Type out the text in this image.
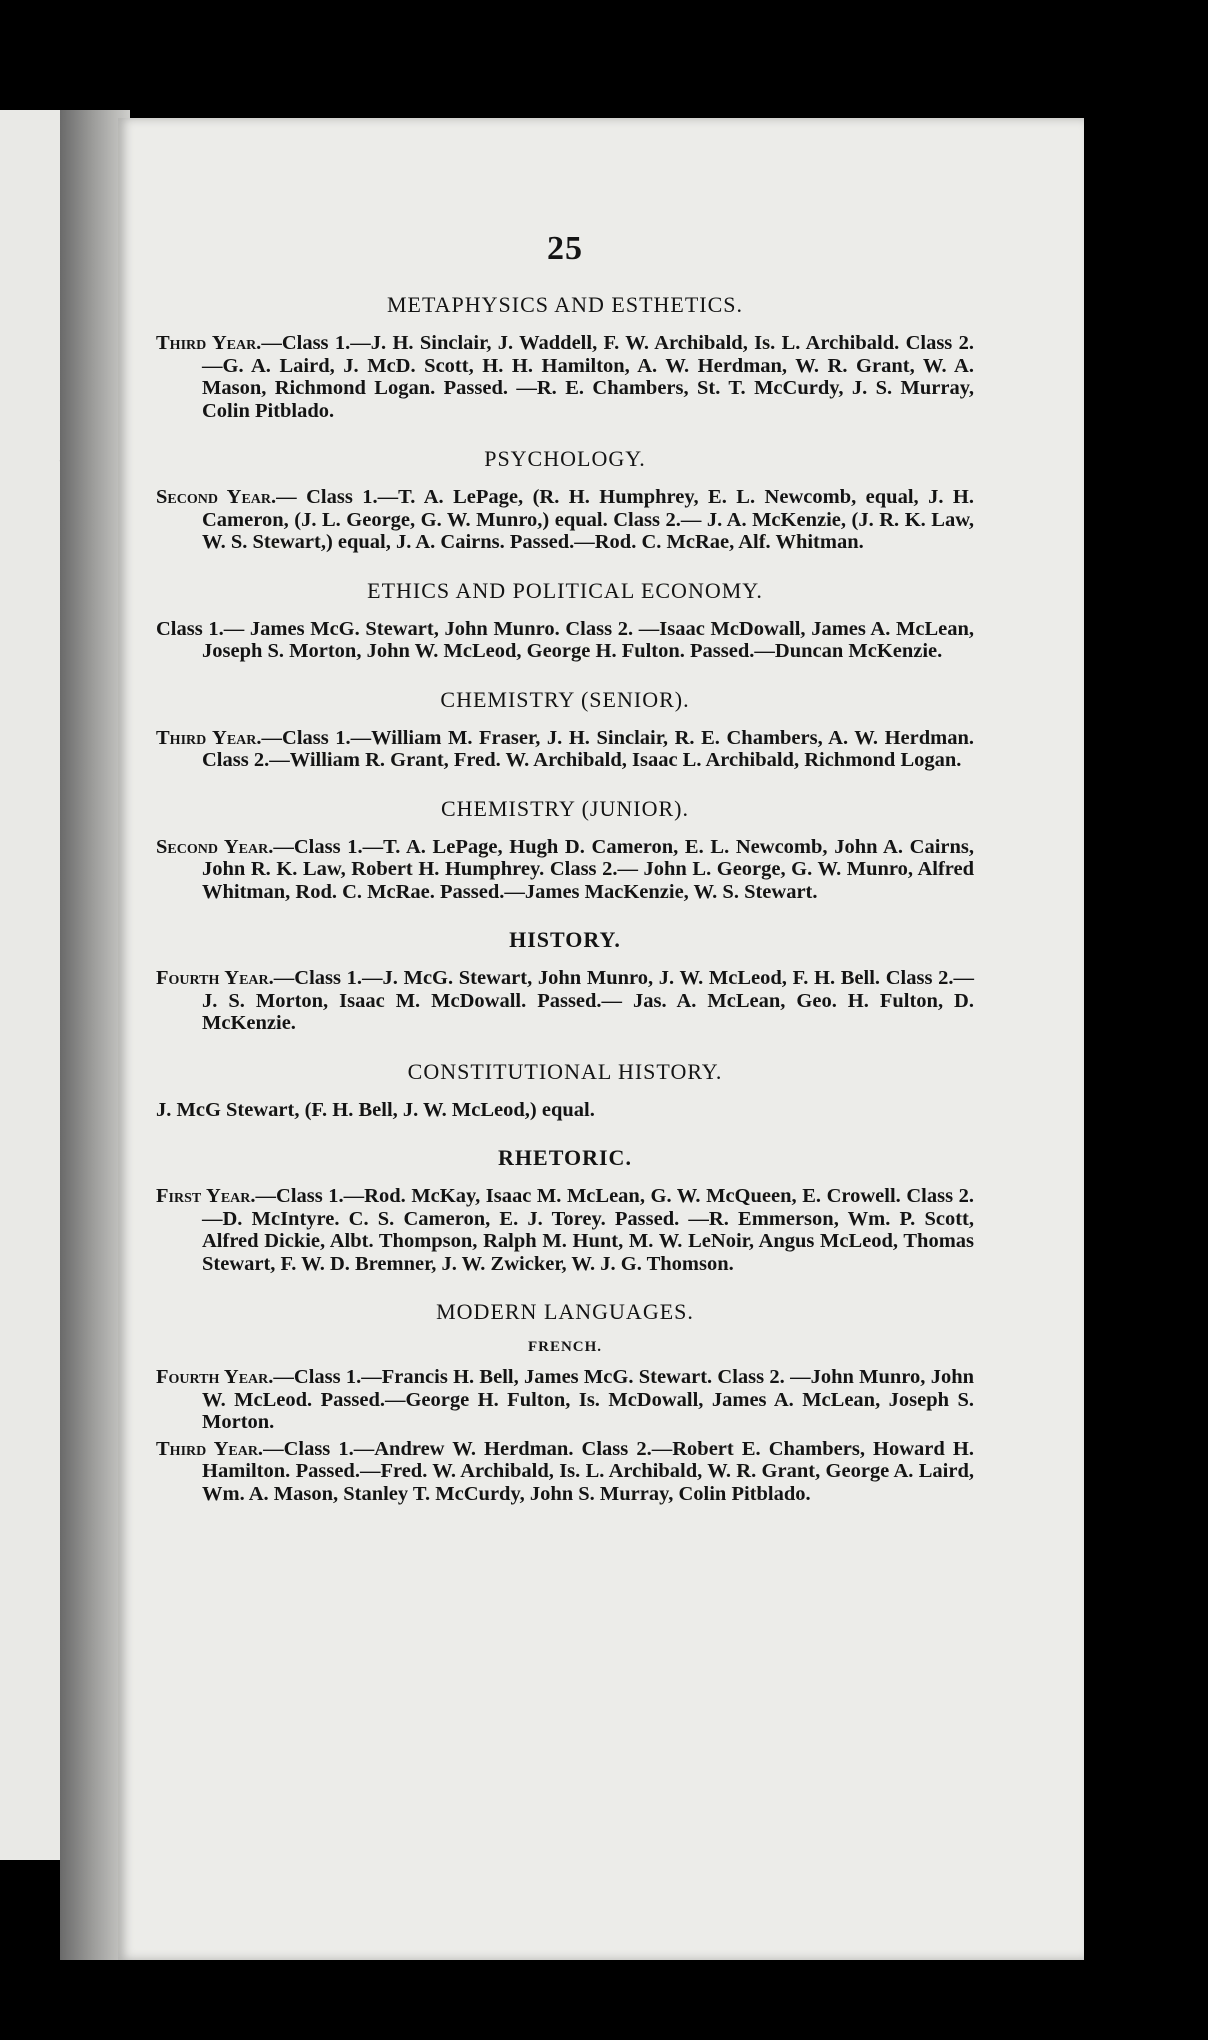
25
METAPHYSICS AND ESTHETICS.

Third Year.—Class 1.—J. H. Sinclair, J. Waddell, F. W. Archibald, Is. L. Archibald. Class 2.—G. A. Laird, J. McD. Scott, H. H. Hamilton, A. W. Herdman, W. R. Grant, W. A. Mason, Richmond Logan. Passed. —R. E. Chambers, St. T. McCurdy, J. S. Murray, Colin Pitblado.

PSYCHOLOGY.

Second Year.— Class 1.—T. A. LePage, (R. H. Humphrey, E. L. Newcomb, equal, J. H. Cameron, (J. L. George, G. W. Munro,) equal. Class 2.— J. A. McKenzie, (J. R. K. Law, W. S. Stewart,) equal, J. A. Cairns. Passed.—Rod. C. McRae, Alf. Whitman.

ETHICS AND POLITICAL ECONOMY.

Class 1.— James McG. Stewart, John Munro. Class 2. —Isaac McDowall, James A. McLean, Joseph S. Morton, John W. McLeod, George H. Fulton. Passed.—Duncan McKenzie.

CHEMISTRY (SENIOR).

Third Year.—Class 1.—William M. Fraser, J. H. Sinclair, R. E. Chambers, A. W. Herdman. Class 2.—William R. Grant, Fred. W. Archibald, Isaac L. Archibald, Richmond Logan.

CHEMISTRY (JUNIOR).

Second Year.—Class 1.—T. A. LePage, Hugh D. Cameron, E. L. Newcomb, John A. Cairns, John R. K. Law, Robert H. Humphrey. Class 2.— John L. George, G. W. Munro, Alfred Whitman, Rod. C. McRae. Passed.—James MacKenzie, W. S. Stewart.

HISTORY.

Fourth Year.—Class 1.—J. McG. Stewart, John Munro, J. W. McLeod, F. H. Bell. Class 2.—J. S. Morton, Isaac M. McDowall. Passed.— Jas. A. McLean, Geo. H. Fulton, D. McKenzie.

CONSTITUTIONAL HISTORY.

J. McG Stewart, (F. H. Bell, J. W. McLeod,) equal.

RHETORIC.

First Year.—Class 1.—Rod. McKay, Isaac M. McLean, G. W. McQueen, E. Crowell. Class 2.—D. McIntyre. C. S. Cameron, E. J. Torey. Passed. —R. Emmerson, Wm. P. Scott, Alfred Dickie, Albt. Thompson, Ralph M. Hunt, M. W. LeNoir, Angus McLeod, Thomas Stewart, F. W. D. Bremner, J. W. Zwicker, W. J. G. Thomson.

MODERN LANGUAGES.
FRENCH.

Fourth Year.—Class 1.—Francis H. Bell, James McG. Stewart. Class 2. —John Munro, John W. McLeod. Passed.—George H. Fulton, Is. McDowall, James A. McLean, Joseph S. Morton.

Third Year.—Class 1.—Andrew W. Herdman. Class 2.—Robert E. Chambers, Howard H. Hamilton. Passed.—Fred. W. Archibald, Is. L. Archibald, W. R. Grant, George A. Laird, Wm. A. Mason, Stanley T. McCurdy, John S. Murray, Colin Pitblado.
